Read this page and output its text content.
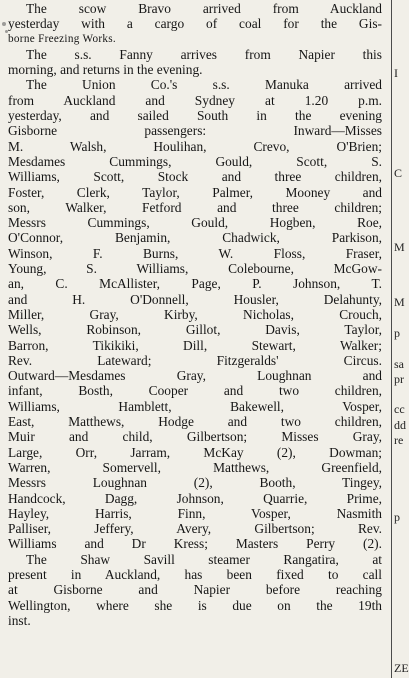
The scow Bravo arrived from Auckland
yesterday with a cargo of coal for the Gis-
borne Freezing Works.
The s.s. Fanny arrives from Napier this
morning, and returns in the evening.
The Union Co.'s s.s. Manuka arrived
from Auckland and Sydney at 1.20 p.m.
yesterday, and sailed South in the evening
Gisborne passengers: Inward—Misses
M. Walsh, Houlihan, Crevo, O'Brien;
Mesdames Cummings, Gould, Scott, S.
Williams, Scott, Stock and three children,
Foster, Clerk, Taylor, Palmer, Mooney and
son, Walker, Fetford and three children;
Messrs Cummings, Gould, Hogben, Roe,
O'Connor, Benjamin, Chadwick, Parkison,
Winson, F. Burns, W. Floss, Fraser,
Young, S. Williams, Colebourne, McGow-
an, C. McAllister, Page, P. Johnson, T.
and H. O'Donnell, Housler, Delahunty,
Miller, Gray, Kirby, Nicholas, Crouch,
Wells, Robinson, Gillot, Davis, Taylor,
Barron, Tikikiki, Dill, Stewart, Walker;
Rev. Lateward; Fitzgeralds' Circus.
Outward—Mesdames Gray, Loughnan and
infant, Bosth, Cooper and two children,
Williams, Hamblett, Bakewell, Vosper,
East, Matthews, Hodge and two children,
Muir and child, Gilbertson; Misses Gray,
Large, Orr, Jarram, McKay (2), Dowman;
Warren, Somervell, Matthews, Greenfield,
Messrs Loughnan (2), Booth, Tingey,
Handcock, Dagg, Johnson, Quarrie, Prime,
Hayley, Harris, Finn, Vosper, Nasmith
Palliser, Jeffery, Avery, Gilbertson; Rev.
Williams and Dr Kress; Masters Perry (2).
The Shaw Savill steamer Rangatira, at
present in Auckland, has been fixed to call
at Gisborne and Napier before reaching
Wellington, where she is due on the 19th
inst.
I
C
M
M
p
sa
pr
cc
dd
re
p
ZE
